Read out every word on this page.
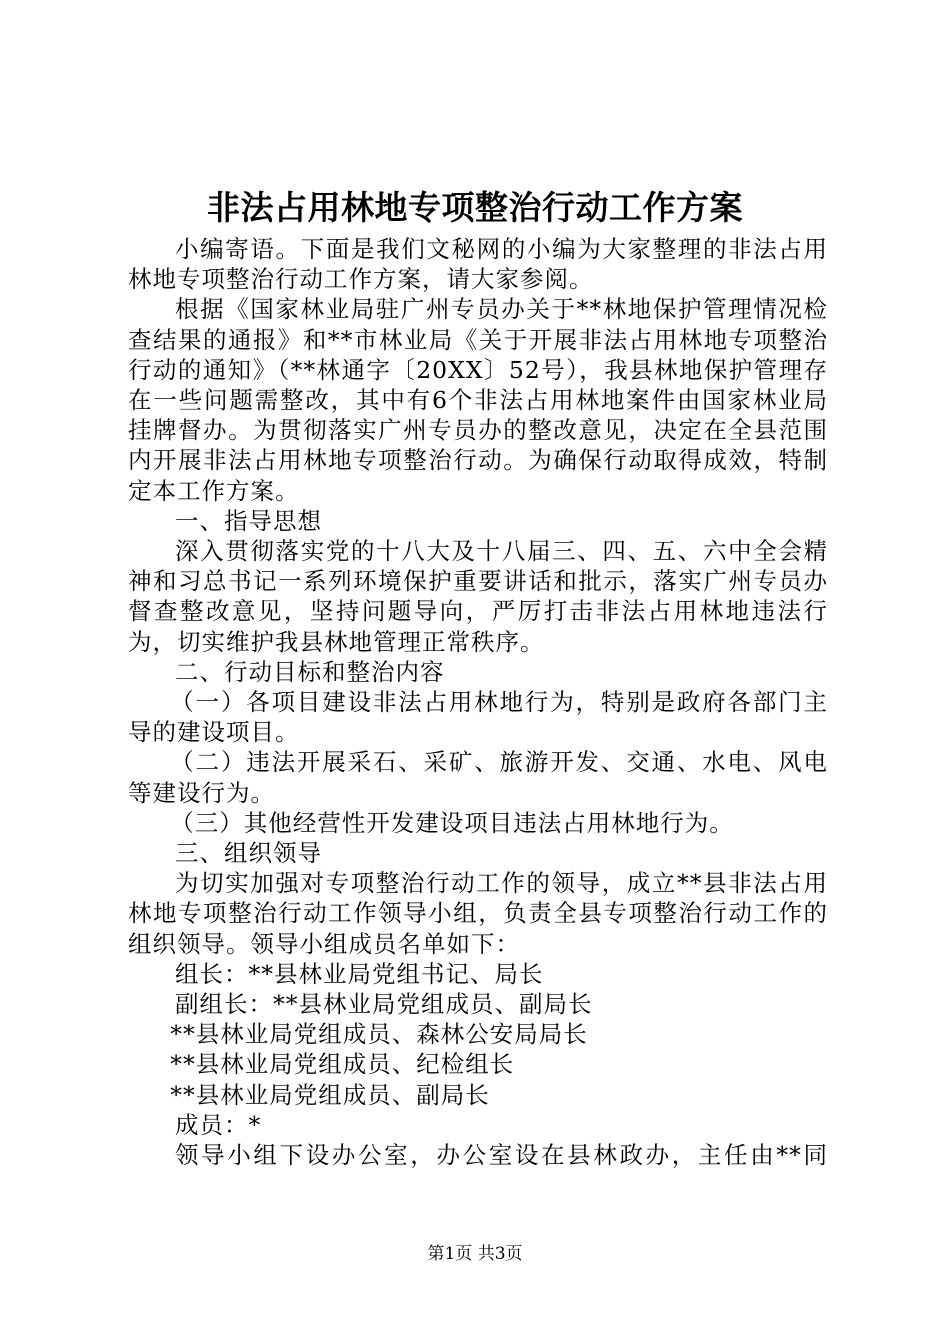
非法占用林地专项整治行动工作方案

小编寄语。下面是我们文秘网的小编为大家整理的非法占用林地专项整治行动工作方案，请大家参阅。

根据《国家林业局驻广州专员办关于**林地保护管理情况检查结果的通报》和**市林业局《关于开展非法占用林地专项整治行动的通知》（**林通字〔20XX〕52号），我县林地保护管理存在一些问题需整改，其中有6个非法占用林地案件由国家林业局挂牌督办。为贯彻落实广州专员办的整改意见，决定在全县范围内开展非法占用林地专项整治行动。为确保行动取得成效，特制定本工作方案。

一、指导思想

深入贯彻落实党的十八大及十八届三、四、五、六中全会精神和习总书记一系列环境保护重要讲话和批示，落实广州专员办督查整改意见，坚持问题导向，严厉打击非法占用林地违法行为，切实维护我县林地管理正常秩序。

二、行动目标和整治内容

（一）各项目建设非法占用林地行为，特别是政府各部门主导的建设项目。

（二）违法开展采石、采矿、旅游开发、交通、水电、风电等建设行为。

（三）其他经营性开发建设项目违法占用林地行为。

三、组织领导

为切实加强对专项整治行动工作的领导，成立**县非法占用林地专项整治行动工作领导小组，负责全县专项整治行动工作的组织领导。领导小组成员名单如下：

组长：**县林业局党组书记、局长

副组长：**县林业局党组成员、副局长

**县林业局党组成员、森林公安局局长

**县林业局党组成员、纪检组长

**县林业局党组成员、副局长

成员：*

领导小组下设办公室，办公室设在县林政办，主任由**同

第1页 共3页
